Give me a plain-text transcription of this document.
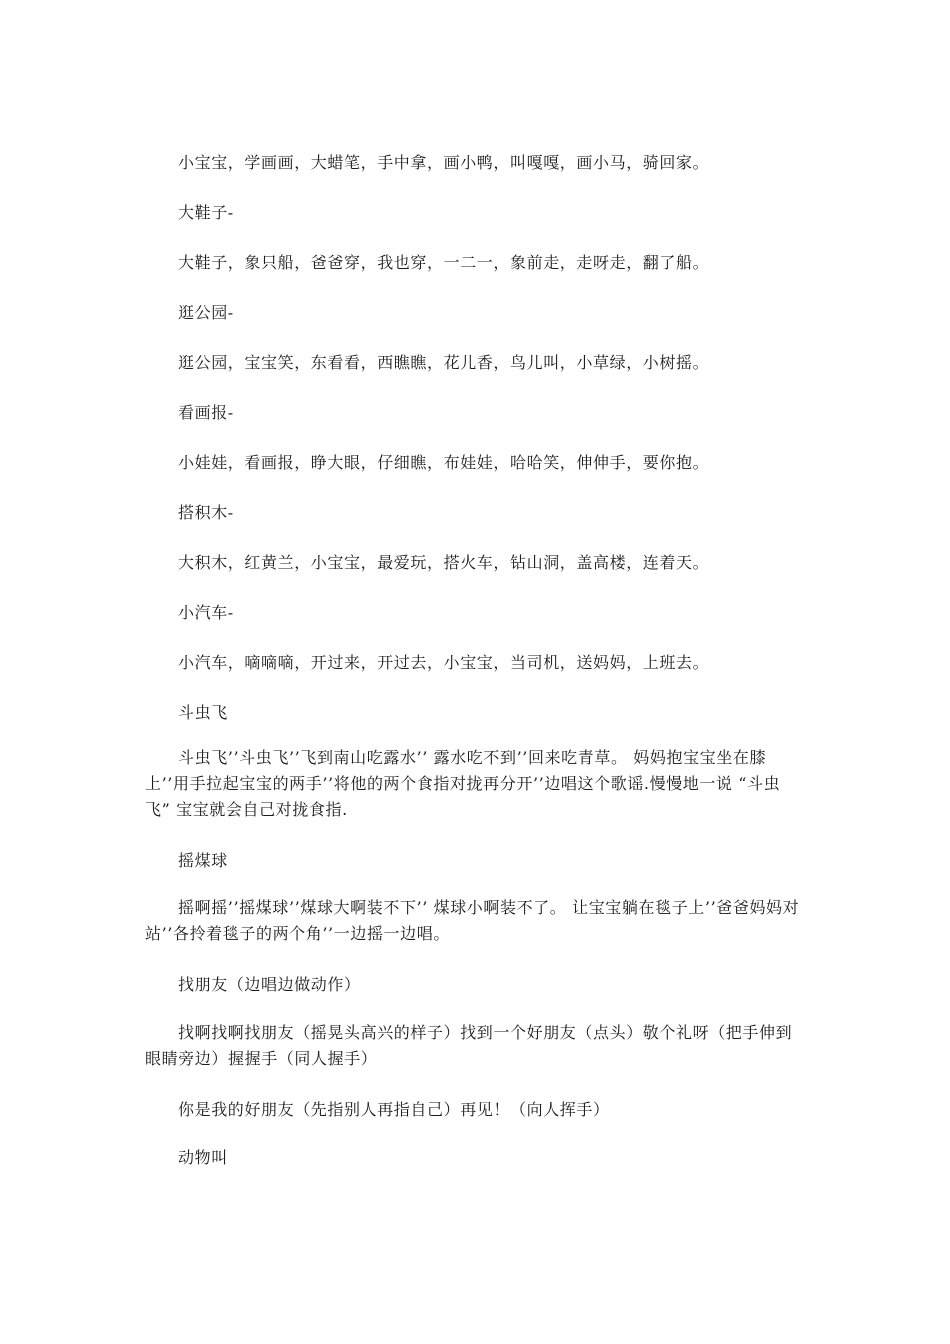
小宝宝，学画画，大蜡笔，手中拿，画小鸭，叫嘎嘎，画小马，骑回家。

大鞋子-

大鞋子，象只船，爸爸穿，我也穿，一二一，象前走，走呀走，翻了船。

逛公园-

逛公园，宝宝笑，东看看，西瞧瞧，花儿香，鸟儿叫，小草绿，小树摇。

看画报-

小娃娃，看画报，睁大眼，仔细瞧，布娃娃，哈哈笑，伸伸手，要你抱。

搭积木-

大积木，红黄兰，小宝宝，最爱玩，搭火车，钻山洞，盖高楼，连着天。

小汽车-

小汽车，嘀嘀嘀，开过来，开过去，小宝宝，当司机，送妈妈，上班去。

斗虫飞

斗虫飞’’斗虫飞’’飞到南山吃露水’’ 露水吃不到’’回来吃青草。 妈妈抱宝宝坐在膝上’’用手拉起宝宝的两手’’将他的两个食指对拢再分开’’边唱这个歌谣.慢慢地一说 “斗虫飞” 宝宝就会自己对拢食指.

摇煤球

摇啊摇’’摇煤球’’煤球大啊装不下’’ 煤球小啊装不了。 让宝宝躺在毯子上’’爸爸妈妈对站’’各拎着毯子的两个角’’一边摇一边唱。

找朋友（边唱边做动作）

找啊找啊找朋友（摇晃头高兴的样子）找到一个好朋友（点头）敬个礼呀（把手伸到眼睛旁边）握握手（同人握手）

你是我的好朋友（先指别人再指自己）再见！（向人挥手）

动物叫
